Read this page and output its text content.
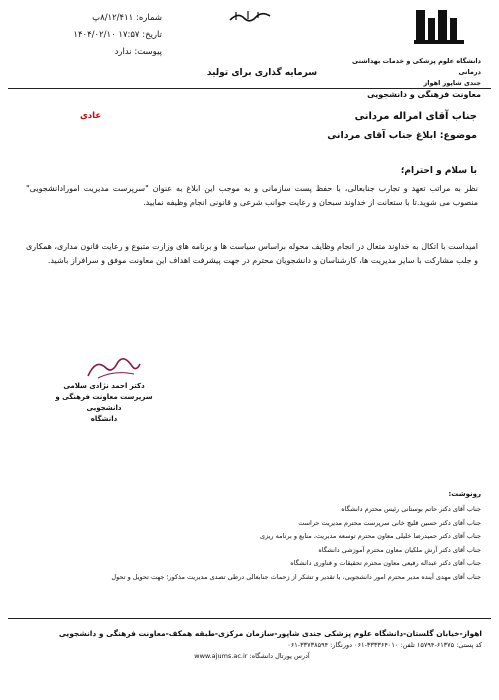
دانشگاه علوم پزشکی و خدمات بهداشتی درمانی
جندی شاپور اهواز
معاونت فرهنگی و دانشجویی
شماره: ۸/۱۲/۴۱۱پ
تاریخ: ۱۷:۵۷ ۱۴۰۴/۰۲/۱۰
پیوست: ندارد
سرمایه گذاری برای تولید
عادی	جناب آقای امراله مردانی
موضوع: ابلاغ جناب آقای مردانی
با سلام و احترام؛
نظر به مراتب تعهد و تجارب جنابعالی، با حفظ پست سازمانی و به موجب این ابلاغ به عنوان "سرپرست مدیریت امورادانشجویی" منصوب می شوید.تا با ستعانت از خداوند سبحان و رعایت جوانب شرعی و قانونی انجام وظیفه نمایید.
امیداست با اتکال به خداوند متعال در انجام وظایف محوله براساس سیاست ها و برنامه های وزارت متبوع و رعایت قانون مداری، همکاری و جلب مشارکت با سایر مدیریت ها، کارشناسان و دانشجویان محترم در جهت پیشرفت اهداف این معاونت موفق و سرافراز باشید.
دکتر احمد نژادی سلامی
سرپرست معاونت فرهنگی و دانشجویی
دانشگاه
رونوشت:
جناب آقای دکتر حاتم بوستانی رئیس محترم دانشگاه
جناب آقای دکتر حسین قلیچ خانی سرپرست محترم مدیریت حراست
جناب آقای دکتر حمیدرضا خلیلی معاون محترم توسعه مدیریت، منابع و برنامه ریزی
جناب آقای دکتر آرش ملکیان معاون محترم آموزشی دانشگاه
جناب آقای دکتر عبداله رفیعی معاون محترم تحقیقات و فناوری دانشگاه
جناب آقای مهدی آینده مدیر محترم امور دانشجویی، با تقدیر و تشکر از زحمات جنابعالی درطی تصدی مدیریت مذکور؛ جهت تحویل و تحول
اهواز-خیابان گلستان-دانشگاه علوم پزشکی جندی شاپور-سازمان مرکزی-طبقه همکف-معاونت فرهنگی و دانشجویی
کد پستی: ۶۱۳۷۵-۱۵۷۹۴ تلفن: ۳۳۳۳۶۴۰۱۰-۰۶۱ دورنگار: ۳۳۷۳۸۵۹۴-۰۶۱
آدرس پورتال دانشگاه: www.ajums.ac.ir
